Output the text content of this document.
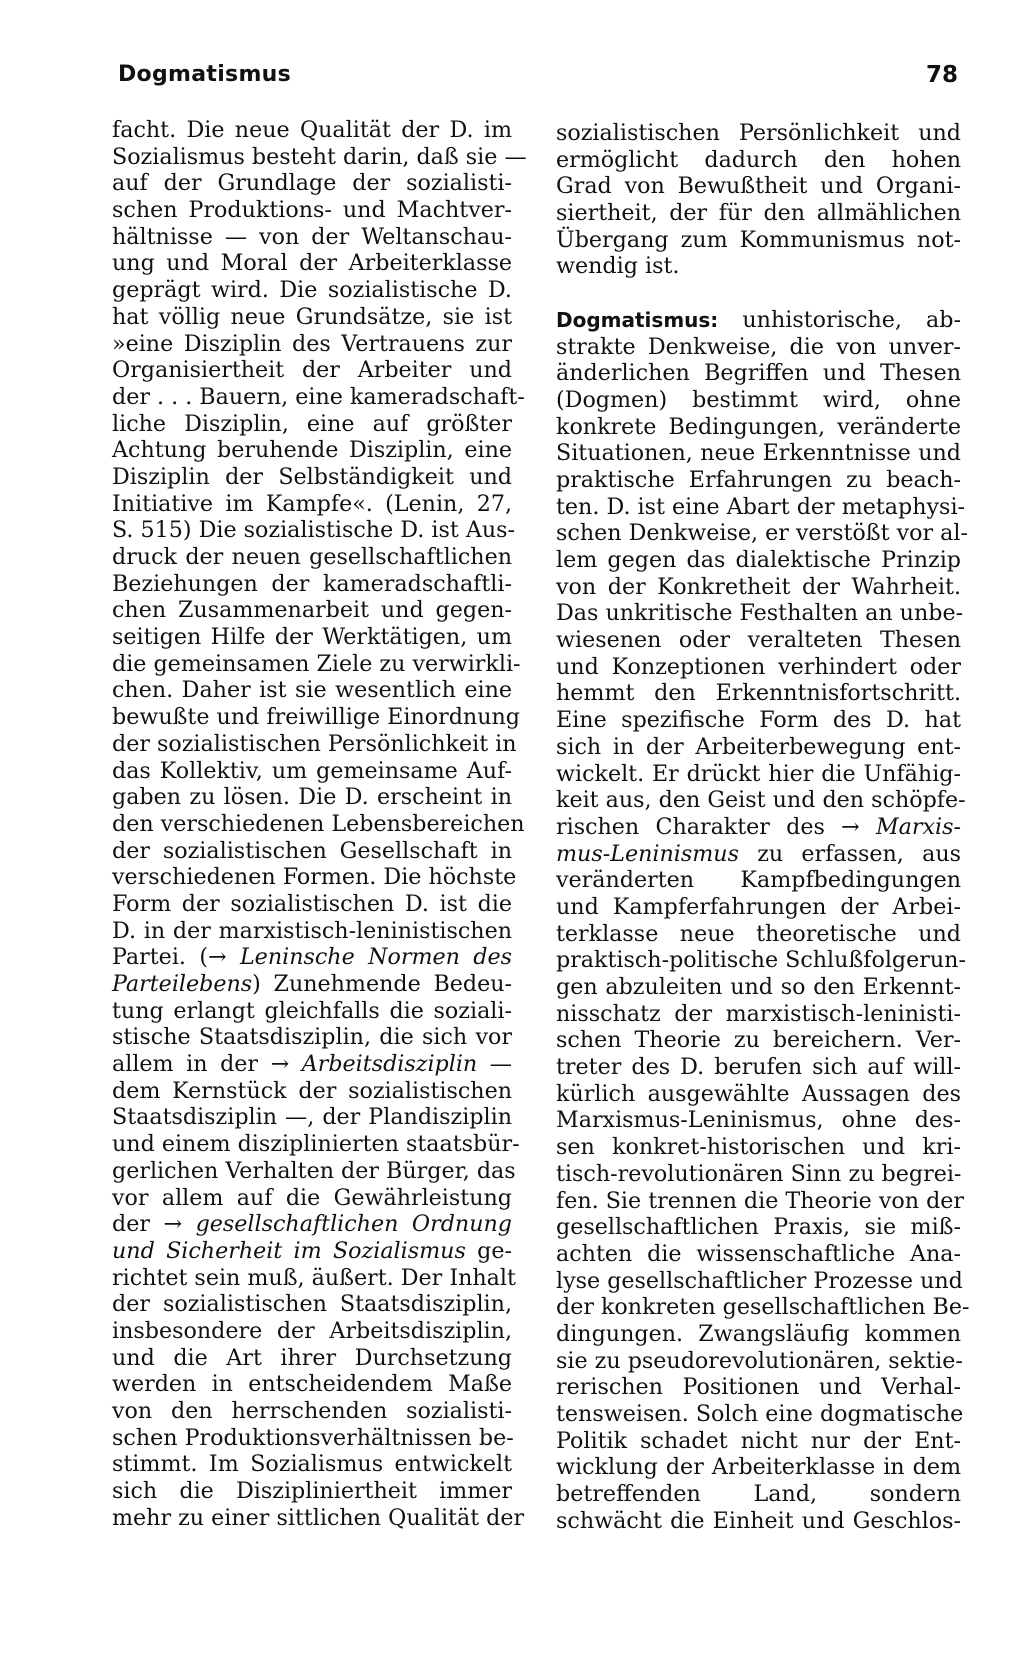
Dogmatismus	78
facht. Die neue Qualität der D. im
Sozialismus besteht darin, daß sie —
auf der Grundlage der sozialisti-
schen Produktions- und Machtver-
hältnisse — von der Weltanschau-
ung und Moral der Arbeiterklasse
geprägt wird. Die sozialistische D.
hat völlig neue Grundsätze, sie ist
»eine Disziplin des Vertrauens zur
Organisiertheit der Arbeiter und
der . . . Bauern, eine kameradschaft-
liche Disziplin, eine auf größter
Achtung beruhende Disziplin, eine
Disziplin der Selbständigkeit und
Initiative im Kampfe«. (Lenin, 27,
S. 515) Die sozialistische D. ist Aus-
druck der neuen gesellschaftlichen
Beziehungen der kameradschaftli-
chen Zusammenarbeit und gegen-
seitigen Hilfe der Werktätigen, um
die gemeinsamen Ziele zu verwirkli-
chen. Daher ist sie wesentlich eine
bewußte und freiwillige Einordnung
der sozialistischen Persönlichkeit in
das Kollektiv, um gemeinsame Auf-
gaben zu lösen. Die D. erscheint in
den verschiedenen Lebensbereichen
der sozialistischen Gesellschaft in
verschiedenen Formen. Die höchste
Form der sozialistischen D. ist die
D. in der marxistisch-leninistischen
Partei. (→ Leninsche Normen des
Parteilebens) Zunehmende Bedeu-
tung erlangt gleichfalls die soziali-
stische Staatsdisziplin, die sich vor
allem in der → Arbeitsdisziplin —
dem Kernstück der sozialistischen
Staatsdisziplin —, der Plandisziplin
und einem disziplinierten staatsbür-
gerlichen Verhalten der Bürger, das
vor allem auf die Gewährleistung
der → gesellschaftlichen Ordnung
und Sicherheit im Sozialismus ge-
richtet sein muß, äußert. Der Inhalt
der sozialistischen Staatsdisziplin,
insbesondere der Arbeitsdisziplin,
und die Art ihrer Durchsetzung
werden in entscheidendem Maße
von den herrschenden sozialisti-
schen Produktionsverhältnissen be-
stimmt. Im Sozialismus entwickelt
sich die Diszipliniertheit immer
mehr zu einer sittlichen Qualität der
sozialistischen Persönlichkeit und
ermöglicht dadurch den hohen
Grad von Bewußtheit und Organi-
siertheit, der für den allmählichen
Übergang zum Kommunismus not-
wendig ist.
Dogmatismus: unhistorische, ab-
strakte Denkweise, die von unver-
änderlichen Begriffen und Thesen
(Dogmen) bestimmt wird, ohne
konkrete Bedingungen, veränderte
Situationen, neue Erkenntnisse und
praktische Erfahrungen zu beach-
ten. D. ist eine Abart der metaphysi-
schen Denkweise, er verstößt vor al-
lem gegen das dialektische Prinzip
von der Konkretheit der Wahrheit.
Das unkritische Festhalten an unbe-
wiesenen oder veralteten Thesen
und Konzeptionen verhindert oder
hemmt den Erkenntnisfortschritt.
Eine spezifische Form des D. hat
sich in der Arbeiterbewegung ent-
wickelt. Er drückt hier die Unfähig-
keit aus, den Geist und den schöpfe-
rischen Charakter des → Marxis-
mus-Leninismus zu erfassen, aus
veränderten Kampfbedingungen
und Kampferfahrungen der Arbei-
terklasse neue theoretische und
praktisch-politische Schlußfolgerun-
gen abzuleiten und so den Erkennt-
nisschatz der marxistisch-leninisti-
schen Theorie zu bereichern. Ver-
treter des D. berufen sich auf will-
kürlich ausgewählte Aussagen des
Marxismus-Leninismus, ohne des-
sen konkret-historischen und kri-
tisch-revolutionären Sinn zu begrei-
fen. Sie trennen die Theorie von der
gesellschaftlichen Praxis, sie miß-
achten die wissenschaftliche Ana-
lyse gesellschaftlicher Prozesse und
der konkreten gesellschaftlichen Be-
dingungen. Zwangsläufig kommen
sie zu pseudorevolutionären, sektie-
rerischen Positionen und Verhal-
tensweisen. Solch eine dogmatische
Politik schadet nicht nur der Ent-
wicklung der Arbeiterklasse in dem
betreffenden Land, sondern
schwächt die Einheit und Geschlos-
